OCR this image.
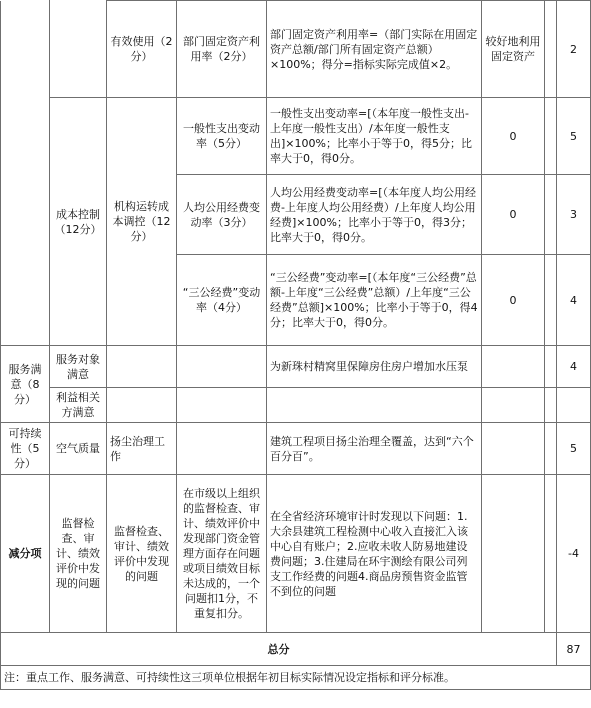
		有效使用（2分）	部门固定资产利用率（2分）	部门固定资产利用率=（部门实际在用固定资产总额/部门所有固定资产总额）×100%；得分=指标实际完成值×2。	较好地利用固定资产		2
	成本控制（12分）	机构运转成本调控（12分）	一般性支出变动率（5分）	一般性支出变动率=[（本年度一般性支出-上年度一般性支出）/本年度一般性支出]×100%；比率小于等于0，得5分；比率大于0，得0分。	0		5
			人均公用经费变动率（3分）	人均公用经费变动率=[（本年度人均公用经费-上年度人均公用经费）/上年度人均公用经费]×100%；比率小于等于0，得3分；比率大于0，得0分。	0		3
			“三公经费”变动率（4分）	“三公经费”变动率=[（本年度“三公经费”总额-上年度“三公经费”总额）/上年度“三公经费”总额]×100%；比率小于等于0，得4分；比率大于0，得0分。	0		4
服务满意（8分）	服务对象满意			为新珠村精窝里保障房住房户增加水压泵			4
	利益相关方满意						
可持续性（5分）	空气质量	扬尘治理工作		建筑工程项目扬尘治理全覆盖，达到“六个百分百”。			5
减分项	监督检查、审计、绩效评价中发现的问题	监督检查、审计、绩效评价中发现的问题	在市级以上组织的监督检查、审计、绩效评价中发现部门资金管理方面存在问题或项目绩效目标未达成的，一个问题扣1分，不重复扣分。	在全省经济环境审计时发现以下问题：1.大余县建筑工程检测中心收入直接汇入该中心自有账户；2.应收未收人防易地建设费问题；3.住建局在环宇测绘有限公司列支工作经费的问题4.商品房预售资金监管不到位的问题			-4
总分							87
注：重点工作、服务满意、可持续性这三项单位根据年初目标实际情况设定指标和评分标准。							
